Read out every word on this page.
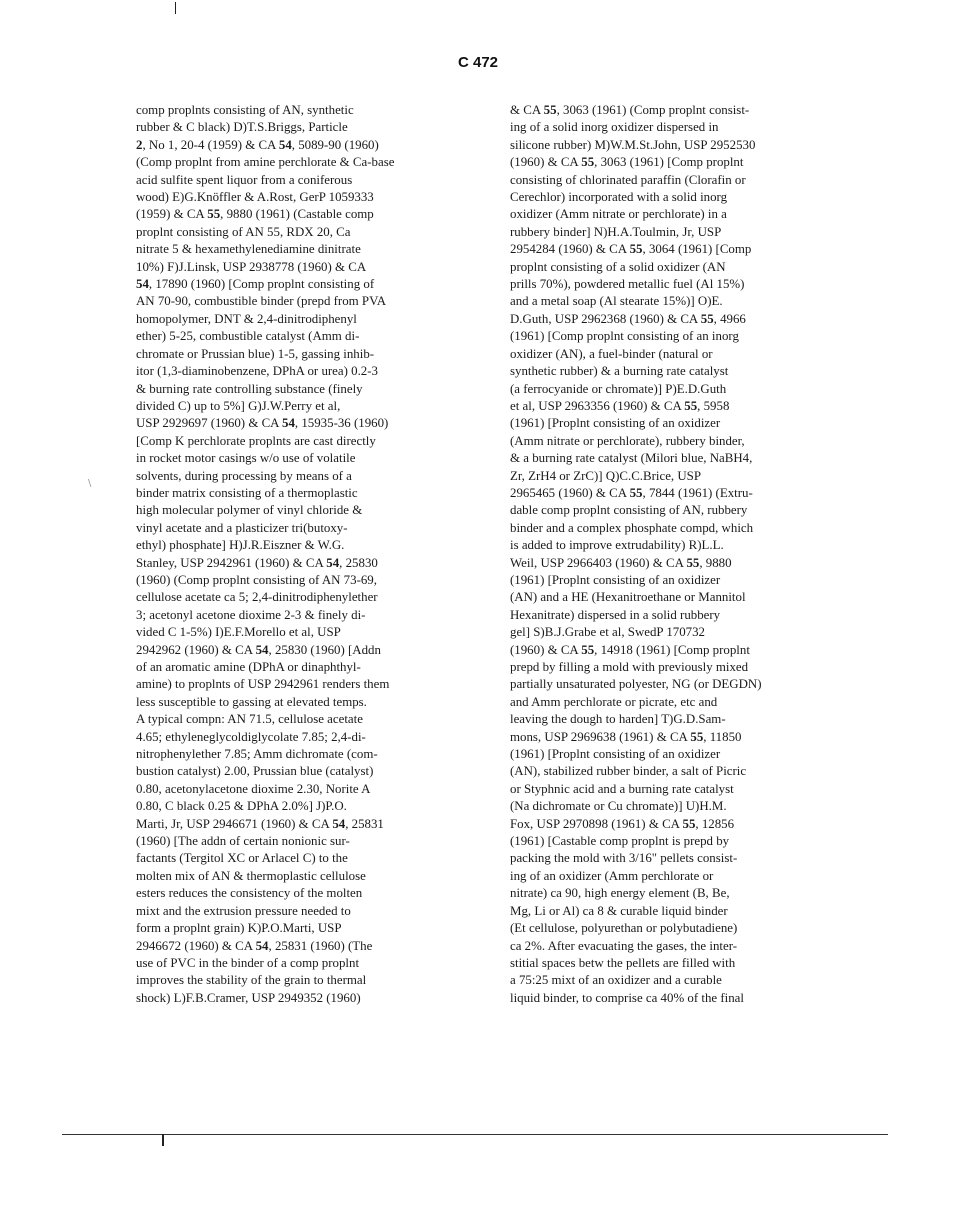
C 472
\
comp proplnts consisting of AN, synthetic
rubber & C black) D)T.S.Briggs, Particle
2, No 1, 20-4 (1959) & CA 54, 5089-90 (1960)
(Comp proplnt from amine perchlorate & Ca-base
acid sulfite spent liquor from a coniferous
wood) E)G.Knöffler & A.Rost, GerP 1059333
(1959) & CA 55, 9880 (1961) (Castable comp
proplnt consisting of AN 55, RDX 20, Ca
nitrate 5 & hexamethylenediamine dinitrate
10%) F)J.Linsk, USP 2938778 (1960) & CA
54, 17890 (1960) [Comp proplnt consisting of
AN 70-90, combustible binder (prepd from PVA
homopolymer, DNT & 2,4-dinitrodiphenyl
ether) 5-25, combustible catalyst (Amm di-
chromate or Prussian blue) 1-5, gassing inhib-
itor (1,3-diaminobenzene, DPhA or urea) 0.2-3
& burning rate controlling substance (finely
divided C) up to 5%] G)J.W.Perry et al,
USP 2929697 (1960) & CA 54, 15935-36 (1960)
[Comp K perchlorate proplnts are cast directly
in rocket motor casings w/o use of volatile
solvents, during processing by means of a
binder matrix consisting of a thermoplastic
high molecular polymer of vinyl chloride &
vinyl acetate and a plasticizer tri(butoxy-
ethyl) phosphate] H)J.R.Eiszner & W.G.
Stanley, USP 2942961 (1960) & CA 54, 25830
(1960) (Comp proplnt consisting of AN 73-69,
cellulose acetate ca 5; 2,4-dinitrodiphenylether
3; acetonyl acetone dioxime 2-3 & finely di-
vided C 1-5%) I)E.F.Morello et al, USP
2942962 (1960) & CA 54, 25830 (1960) [Addn
of an aromatic amine (DPhA or dinaphthyl-
amine) to proplnts of USP 2942961 renders them
less susceptible to gassing at elevated temps.
A typical compn: AN 71.5, cellulose acetate
4.65; ethyleneglycoldiglycolate 7.85; 2,4-di-
nitrophenylether 7.85; Amm dichromate (com-
bustion catalyst) 2.00, Prussian blue (catalyst)
0.80, acetonylacetone dioxime 2.30, Norite A
0.80, C black 0.25 & DPhA 2.0%] J)P.O.
Marti, Jr, USP 2946671 (1960) & CA 54, 25831
(1960) [The addn of certain nonionic sur-
factants (Tergitol XC or Arlacel C) to the
molten mix of AN & thermoplastic cellulose
esters reduces the consistency of the molten
mixt and the extrusion pressure needed to
form a proplnt grain) K)P.O.Marti, USP
2946672 (1960) & CA 54, 25831 (1960) (The
use of PVC in the binder of a comp proplnt
improves the stability of the grain to thermal
shock) L)F.B.Cramer, USP 2949352 (1960)
& CA 55, 3063 (1961) (Comp proplnt consist-
ing of a solid inorg oxidizer dispersed in
silicone rubber) M)W.M.St.John, USP 2952530
(1960) & CA 55, 3063 (1961) [Comp proplnt
consisting of chlorinated paraffin (Clorafin or
Cerechlor) incorporated with a solid inorg
oxidizer (Amm nitrate or perchlorate) in a
rubbery binder] N)H.A.Toulmin, Jr, USP
2954284 (1960) & CA 55, 3064 (1961) [Comp
proplnt consisting of a solid oxidizer (AN
prills 70%), powdered metallic fuel (Al 15%)
and a metal soap (Al stearate 15%)] O)E.
D.Guth, USP 2962368 (1960) & CA 55, 4966
(1961) [Comp proplnt consisting of an inorg
oxidizer (AN), a fuel-binder (natural or
synthetic rubber) & a burning rate catalyst
(a ferrocyanide or chromate)] P)E.D.Guth
et al, USP 2963356 (1960) & CA 55, 5958
(1961) [Proplnt consisting of an oxidizer
(Amm nitrate or perchlorate), rubbery binder,
& a burning rate catalyst (Milori blue, NaBH4,
Zr, ZrH4 or ZrC)] Q)C.C.Brice, USP
2965465 (1960) & CA 55, 7844 (1961) (Extru-
dable comp proplnt consisting of AN, rubbery
binder and a complex phosphate compd, which
is added to improve extrudability) R)L.L.
Weil, USP 2966403 (1960) & CA 55, 9880
(1961) [Proplnt consisting of an oxidizer
(AN) and a HE (Hexanitroethane or Mannitol
Hexanitrate) dispersed in a solid rubbery
gel] S)B.J.Grabe et al, SwedP 170732
(1960) & CA 55, 14918 (1961) [Comp proplnt
prepd by filling a mold with previously mixed
partially unsaturated polyester, NG (or DEGDN)
and Amm perchlorate or picrate, etc and
leaving the dough to harden] T)G.D.Sam-
mons, USP 2969638 (1961) & CA 55, 11850
(1961) [Proplnt consisting of an oxidizer
(AN), stabilized rubber binder, a salt of Picric
or Styphnic acid and a burning rate catalyst
(Na dichromate or Cu chromate)] U)H.M.
Fox, USP 2970898 (1961) & CA 55, 12856
(1961) [Castable comp proplnt is prepd by
packing the mold with 3/16" pellets consist-
ing of an oxidizer (Amm perchlorate or
nitrate) ca 90, high energy element (B, Be,
Mg, Li or Al) ca 8 & curable liquid binder
(Et cellulose, polyurethan or polybutadiene)
ca 2%. After evacuating the gases, the inter-
stitial spaces betw the pellets are filled with
a 75:25 mixt of an oxidizer and a curable
liquid binder, to comprise ca 40% of the final
